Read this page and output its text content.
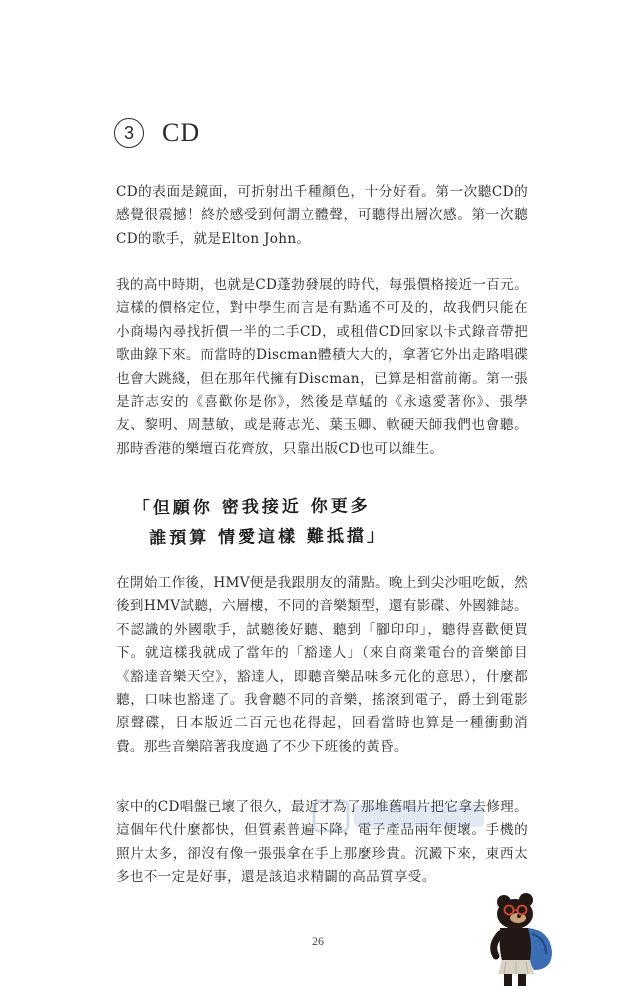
3	CD

CD的表面是鏡面，可折射出千種顏色，十分好看。第一次聽CD的感覺很震撼！終於感受到何謂立體聲，可聽得出層次感。第一次聽CD的歌手，就是Elton John。

我的高中時期，也就是CD蓬勃發展的時代，每張價格接近一百元。這樣的價格定位，對中學生而言是有點遙不可及的，故我們只能在小商場內尋找折價一半的二手CD，或租借CD回家以卡式錄音帶把歌曲錄下來。而當時的Discman體積大大的，拿著它外出走路唱碟也會大跳綫，但在那年代擁有Discman，已算是相當前衛。第一張是許志安的《喜歡你是你》，然後是草蜢的《永遠愛著你》、張學友、黎明、周慧敏，或是蔣志光、葉玉卿、軟硬天師我們也會聽。那時香港的樂壇百花齊放，只靠出版CD也可以維生。

「但願你 密我接近 你更多
誰預算 情愛這樣 難抵擋」

在開始工作後，HMV便是我跟朋友的蒲點。晚上到尖沙咀吃飯，然後到HMV試聽，六層樓，不同的音樂類型，還有影碟、外國雜誌。不認識的外國歌手，試聽後好聽、聽到「腳印印」，聽得喜歡便買下。就這樣我就成了當年的「豁達人」（來自商業電台的音樂節目《豁達音樂天空》，豁達人，即聽音樂品味多元化的意思），什麼都聽，口味也豁達了。我會聽不同的音樂，搖滾到電子，爵士到電影原聲碟，日本版近二百元也花得起，回看當時也算是一種衝動消費。那些音樂陪著我度過了不少下班後的黃昏。

家中的CD唱盤已壞了很久，最近才為了那堆舊唱片把它拿去修理。這個年代什麼都快，但質素普遍下降，電子產品兩年便壞。手機的照片太多，卻沒有像一張張拿在手上那麼珍貴。沉澱下來，東西太多也不一定是好事，還是該追求精闢的高品質享受。

26
